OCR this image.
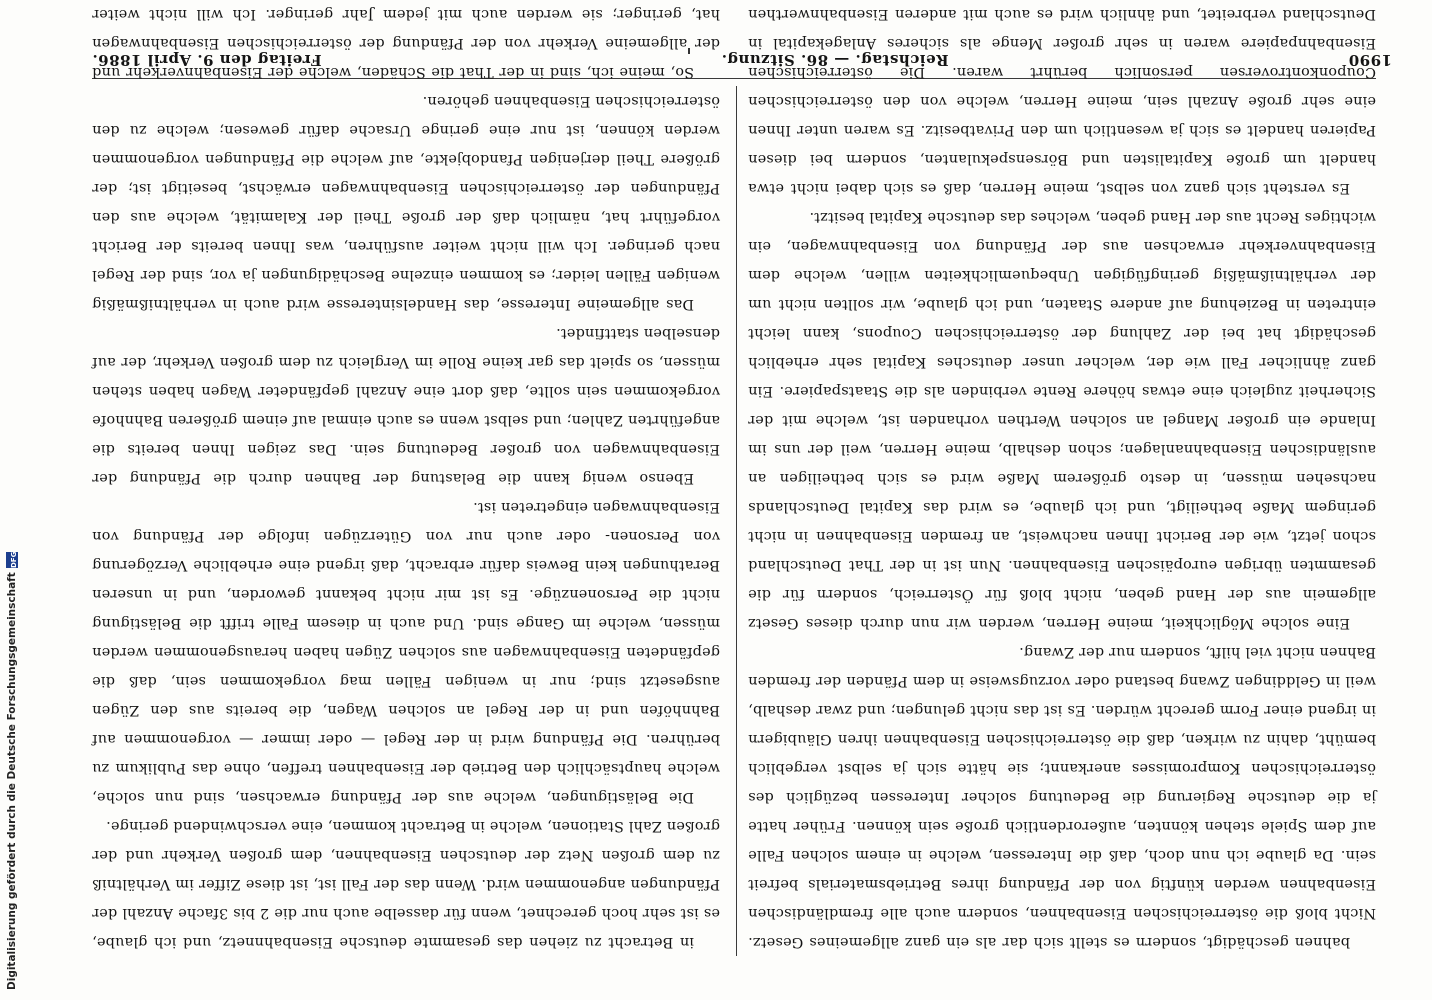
Digitalisierung gefördert durch die Deutsche Forschungsgemeinschaft
DFG
1990
Reichstag. — 86. Sitzung.
Freitag den 9. April 1886.

bahnen geschädigt, sondern es stellt sich dar als ein ganz allgemeines Gesetz. Nicht bloß die österreichischen Eisenbahnen, sondern auch alle fremdländischen Eisenbahnen werden künftig von der Pfändung ihres Betriebsmaterials befreit sein. Da glaube ich nun doch, daß die Interessen, welche in einem solchen Falle auf dem Spiele stehen könnten, außerordentlich große sein können. Früher hatte ja die deutsche Regierung die Bedeutung solcher Interessen bezüglich des österreichischen Kompromisses anerkannt; sie hätte sich ja selbst vergeblich bemüht, dahin zu wirken, daß die österreichischen Eisenbahnen ihren Gläubigern in irgend einer Form gerecht würden. Es ist das nicht gelungen; und zwar deshalb, weil in Gelddingen Zwang bestand oder vorzugsweise in dem Pfänden der fremden Bahnen nicht viel hilft, sondern nur der Zwang.

Eine solche Möglichkeit, meine Herren, werden wir nun durch dieses Gesetz allgemein aus der Hand geben, nicht bloß für Österreich, sondern für die gesammten übrigen europäischen Eisenbahnen. Nun ist in der That Deutschland schon jetzt, wie der Bericht Ihnen nachweist, an fremden Eisenbahnen in nicht geringem Maße betheiligt, und ich glaube, es wird das Kapital Deutschlands nachsehen müssen, in desto größerem Maße wird es sich betheiligen an ausländischen Eisenbahnanlagen; schon deshalb, meine Herren, weil der uns im Inlande ein großer Mangel an solchen Werthen vorhanden ist, welche mit der Sicherheit zugleich eine etwas höhere Rente verbinden als die Staatspapiere. Ein ganz ähnlicher Fall wie der, welcher unser deutsches Kapital sehr erheblich geschädigt hat bei der Zahlung der österreichischen Coupons, kann leicht eintreten in Beziehung auf andere Staaten, und ich glaube, wir sollten nicht um der verhältnißmäßig geringfügigen Unbequemlichkeiten willen, welche dem Eisenbahnverkehr erwachsen aus der Pfändung von Eisenbahnwagen, ein wichtiges Recht aus der Hand geben, welches das deutsche Kapital besitzt.

Es versteht sich ganz von selbst, meine Herren, daß es sich dabei nicht etwa handelt um große Kapitalisten und Börsenspekulanten, sondern bei diesen Papieren handelt es sich ja wesentlich um den Privatbesitz. Es waren unter Ihnen eine sehr große Anzahl sein, meine Herren, welche von den österreichischen Couponkontroversen persönlich berührt waren. Die österreichischen Eisenbahnpapiere waren in sehr großer Menge als sicheres Anlagekapital in Deutschland verbreitet, und ähnlich wird es auch mit anderen Eisenbahnwerthen

in Betracht zu ziehen das gesammte deutsche Eisenbahnnetz, und ich glaube, es ist sehr hoch gerechnet, wenn für dasselbe auch nur die 2 bis 3fache Anzahl der Pfändungen angenommen wird. Wenn das der Fall ist, ist diese Ziffer im Verhältniß zu dem großen Netz der deutschen Eisenbahnen, dem großen Verkehr und der großen Zahl Stationen, welche in Betracht kommen, eine verschwindend geringe.

Die Belästigungen, welche aus der Pfändung erwachsen, sind nun solche, welche hauptsächlich den Betrieb der Eisenbahnen treffen, ohne das Publikum zu berühren. Die Pfändung wird in der Regel — oder immer — vorgenommen auf Bahnhöfen und in der Regel an solchen Wagen, die bereits aus den Zügen ausgesetzt sind; nur in wenigen Fällen mag vorgekommen sein, daß die gepfändeten Eisenbahnwagen aus solchen Zügen haben herausgenommen werden müssen, welche im Gange sind. Und auch in diesem Falle trifft die Belästigung nicht die Personenzüge. Es ist mir nicht bekannt geworden, und in unseren Berathungen kein Beweis dafür erbracht, daß irgend eine erhebliche Verzögerung von Personen- oder auch nur von Güterzügen infolge der Pfändung von Eisenbahnwagen eingetreten ist.

Ebenso wenig kann die Belastung der Bahnen durch die Pfändung der Eisenbahnwagen von großer Bedeutung sein. Das zeigen Ihnen bereits die angeführten Zahlen; und selbst wenn es auch einmal auf einem größeren Bahnhofe vorgekommen sein sollte, daß dort eine Anzahl gepfändeter Wagen haben stehen müssen, so spielt das gar keine Rolle im Vergleich zu dem großen Verkehr, der auf denselben stattfindet.

Das allgemeine Interesse, das Handelsinteresse wird auch in verhältnißmäßig wenigen Fällen leider; es kommen einzelne Beschädigungen ja vor, sind der Regel nach geringer. Ich will nicht weiter ausführen, was Ihnen bereits der Bericht vorgeführt hat, nämlich daß der große Theil der Kalamität, welche aus den Pfändungen der österreichischen Eisenbahnwagen erwächst, beseitigt ist; der größere Theil derjenigen Pfandobjekte, auf welche die Pfändungen vorgenommen werden können, ist nur eine geringe Ursache dafür gewesen; welche zu den österreichischen Eisenbahnen gehören.

So, meine ich, sind in der That die Schäden, welche der Eisenbahnverkehr und der allgemeine Verkehr von der Pfändung der österreichischen Eisenbahnwagen hat, geringer; sie werden auch mit jedem Jahr geringer. Ich will nicht weiter
